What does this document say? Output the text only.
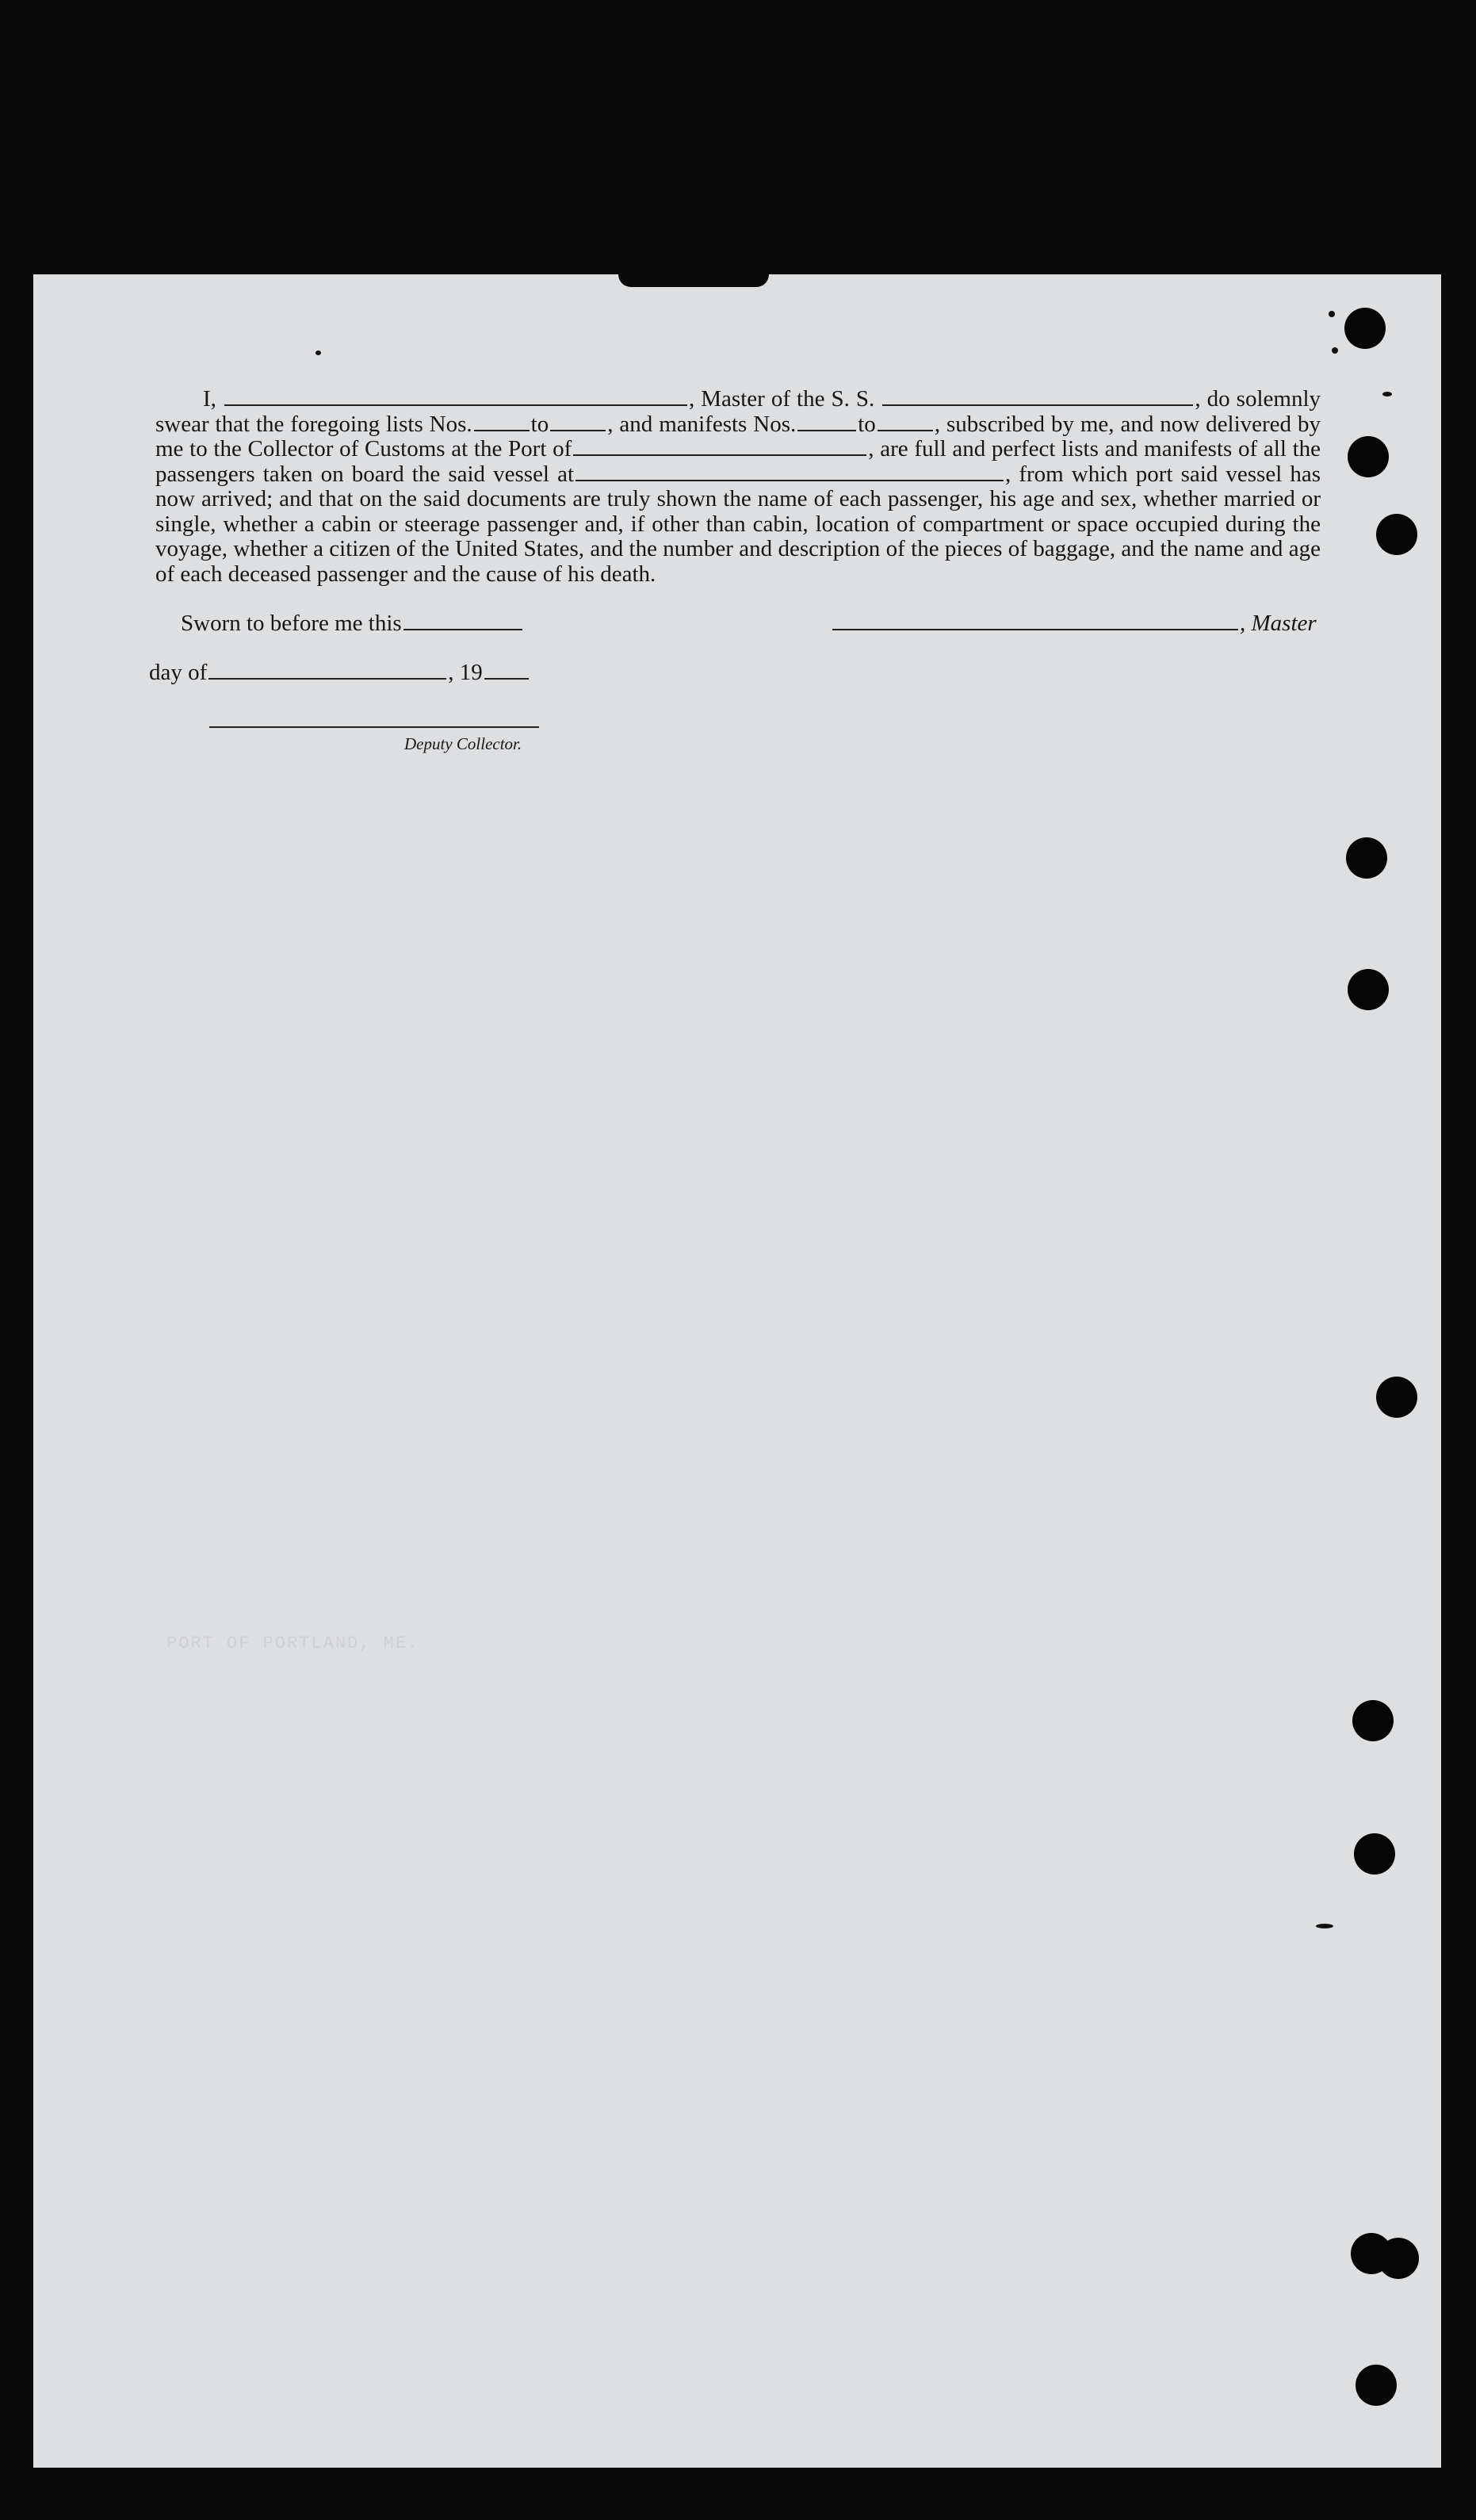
I,	, Master of the S. S.	, do solemnly swear that the foregoing lists Nos.	to	, and manifests Nos.	to	, subscribed by me, and now delivered by me to the Collector of Customs at the Port of	, are full and perfect lists and manifests of all the passengers taken on board the said vessel at	, from which port said vessel has now arrived; and that on the said documents are truly shown the name of each passenger, his age and sex, whether married or single, whether a cabin or steerage passenger and, if other than cabin, location of compartment or space occupied during the voyage, whether a citizen of the United States, and the number and description of the pieces of baggage, and the name and age of each deceased passenger and the cause of his death.

Sworn to before me this	, Master
day of	, 19
Deputy Collector.
PORT OF PORTLAND, ME.
